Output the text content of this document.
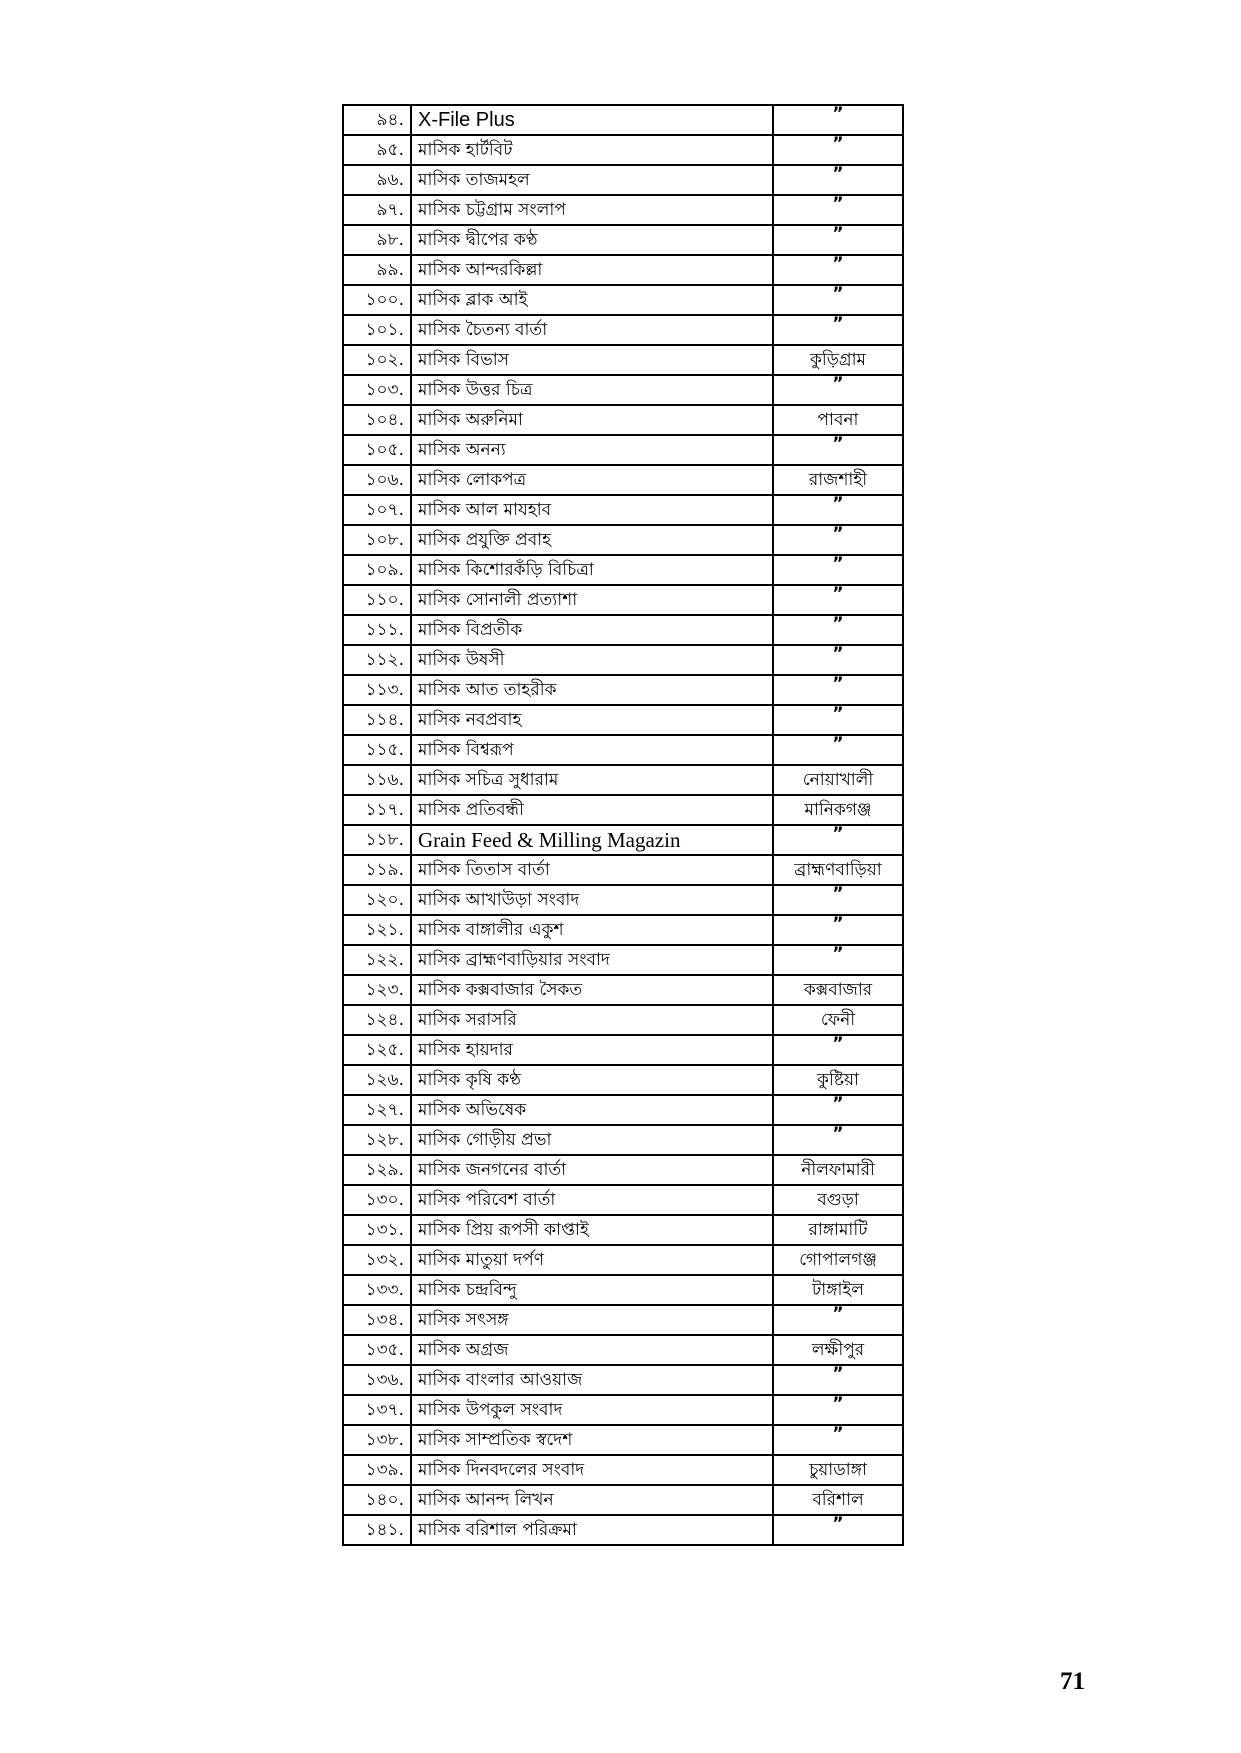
৯৪.	X-File Plus	”
৯৫.	মাসিক হার্টবিট	”
৯৬.	মাসিক তাজমহল	”
৯৭.	মাসিক চট্টগ্রাম সংলাপ	”
৯৮.	মাসিক দ্বীপের কণ্ঠ	”
৯৯.	মাসিক আন্দরকিল্লা	”
১০০.	মাসিক ব্লাক আই	”
১০১.	মাসিক চৈতন্য বার্তা	”
১০২.	মাসিক বিভাস	কুড়িগ্রাম
১০৩.	মাসিক উত্তর চিত্র	”
১০৪.	মাসিক অরুনিমা	পাবনা
১০৫.	মাসিক অনন্য	”
১০৬.	মাসিক লোকপত্র	রাজশাহী
১০৭.	মাসিক আল মাযহাব	”
১০৮.	মাসিক প্রযুক্তি প্রবাহ	”
১০৯.	মাসিক কিশোরকঁড়ি বিচিত্রা	”
১১০.	মাসিক সোনালী প্রত্যাশা	”
১১১.	মাসিক বিপ্রতীক	”
১১২.	মাসিক উষসী	”
১১৩.	মাসিক আত তাহরীক	”
১১৪.	মাসিক নবপ্রবাহ	”
১১৫.	মাসিক বিশ্বরূপ	”
১১৬.	মাসিক সচিত্র সুধারাম	নোয়াখালী
১১৭.	মাসিক প্রতিবন্ধী	মানিকগঞ্জ
১১৮.	Grain Feed & Milling Magazin	”
১১৯.	মাসিক তিতাস বার্তা	ব্রাহ্মণবাড়িয়া
১২০.	মাসিক আখাউড়া সংবাদ	”
১২১.	মাসিক বাঙ্গালীর একুশ	”
১২২.	মাসিক ব্রাহ্মণবাড়িয়ার সংবাদ	”
১২৩.	মাসিক কক্সবাজার সৈকত	কক্সবাজার
১২৪.	মাসিক সরাসরি	ফেনী
১২৫.	মাসিক হায়দার	”
১২৬.	মাসিক কৃষি কণ্ঠ	কুষ্টিয়া
১২৭.	মাসিক অভিষেক	”
১২৮.	মাসিক গোড়ীয় প্রভা	”
১২৯.	মাসিক জনগনের বার্তা	নীলফামারী
১৩০.	মাসিক পরিবেশ বার্তা	বগুড়া
১৩১.	মাসিক প্রিয় রূপসী কাপ্তাই	রাঙ্গামাটি
১৩২.	মাসিক মাতুয়া দর্পণ	গোপালগঞ্জ
১৩৩.	মাসিক চন্দ্রবিন্দু	টাঙ্গাইল
১৩৪.	মাসিক সৎসঙ্গ	”
১৩৫.	মাসিক অগ্রজ	লক্ষীপুর
১৩৬.	মাসিক বাংলার আওয়াজ	”
১৩৭.	মাসিক উপকুল সংবাদ	”
১৩৮.	মাসিক সাম্প্রতিক স্বদেশ	”
১৩৯.	মাসিক দিনবদলের সংবাদ	চুয়াডাঙ্গা
১৪০.	মাসিক আনন্দ লিখন	বরিশাল
১৪১.	মাসিক বরিশাল পরিক্রমা	”
71
